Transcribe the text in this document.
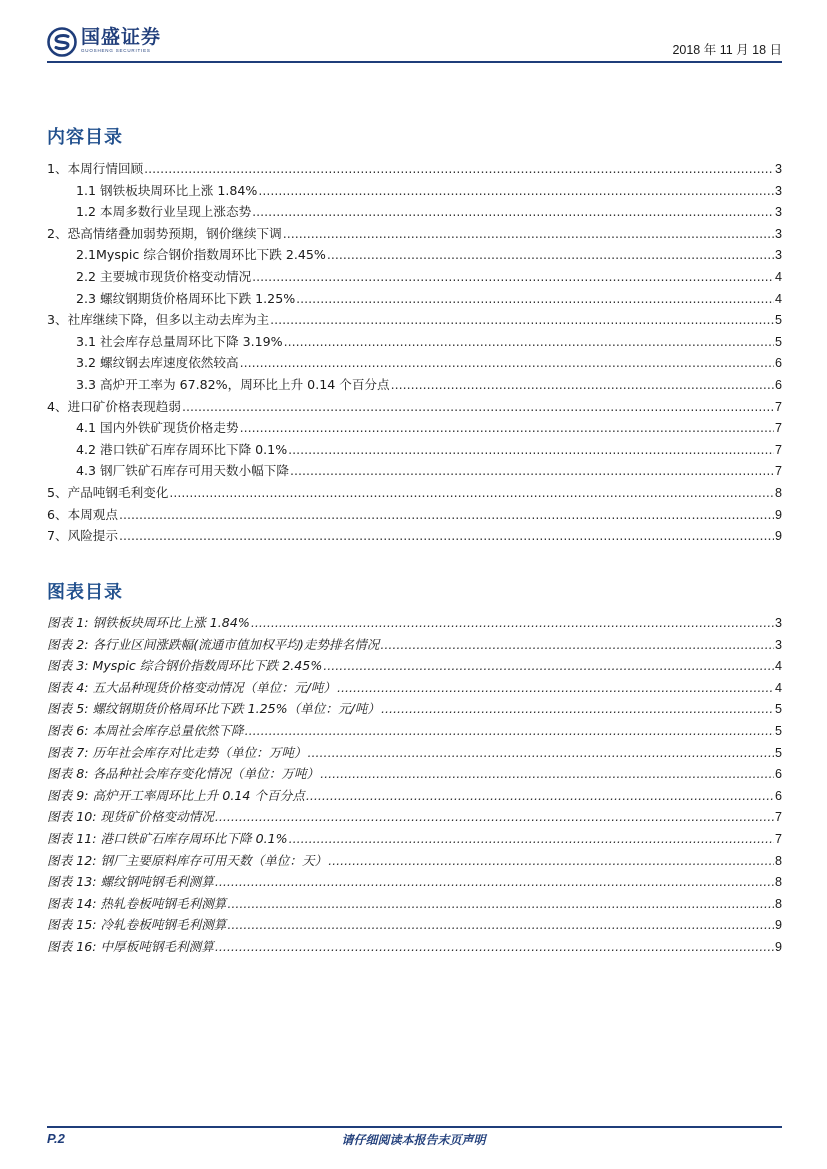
国盛证券
GUOSHENG SECURITIES	2018 年 11 月 18 日
内容目录
1、本周行情回顾 .....	3
1.1 钢铁板块周环比上涨 1.84% .....	3
1.2 本周多数行业呈现上涨态势 .....	3
2、恐高情绪叠加弱势预期，钢价继续下调 .....	3
2.1Myspic 综合钢价指数周环比下跌 2.45% .....	3
2.2 主要城市现货价格变动情况 .....	4
2.3 螺纹钢期货价格周环比下跌 1.25% .....	4
3、社库继续下降，但多以主动去库为主 .....	5
3.1 社会库存总量周环比下降 3.19% .....	5
3.2 螺纹钢去库速度依然较高 .....	6
3.3 高炉开工率为 67.82%，周环比上升 0.14 个百分点 .....	6
4、进口矿价格表现趋弱 .....	7
4.1 国内外铁矿现货价格走势 .....	7
4.2 港口铁矿石库存周环比下降 0.1% .....	7
4.3 钢厂铁矿石库存可用天数小幅下降 .....	7
5、产品吨钢毛利变化 .....	8
6、本周观点 .....	9
7、风险提示 .....	9
图表目录
图表 1: 钢铁板块周环比上涨 1.84% .....	3
图表 2: 各行业区间涨跌幅(流通市值加权平均)走势排名情况 .....	3
图表 3: Myspic 综合钢价指数周环比下跌 2.45% .....	4
图表 4: 五大品种现货价格变动情况（单位：元/吨） .....	4
图表 5: 螺纹钢期货价格周环比下跌 1.25%（单位：元/吨） .....	5
图表 6: 本周社会库存总量依然下降 .....	5
图表 7: 历年社会库存对比走势（单位：万吨） .....	5
图表 8: 各品种社会库存变化情况（单位：万吨） .....	6
图表 9: 高炉开工率周环比上升 0.14 个百分点 .....	6
图表 10: 现货矿价格变动情况 .....	7
图表 11: 港口铁矿石库存周环比下降 0.1% .....	7
图表 12: 钢厂主要原料库存可用天数（单位：天） .....	8
图表 13: 螺纹钢吨钢毛利测算 .....	8
图表 14: 热轧卷板吨钢毛利测算 .....	8
图表 15: 冷轧卷板吨钢毛利测算 .....	9
图表 16: 中厚板吨钢毛利测算 .....	9
请仔细阅读本报告末页声明
P.2
